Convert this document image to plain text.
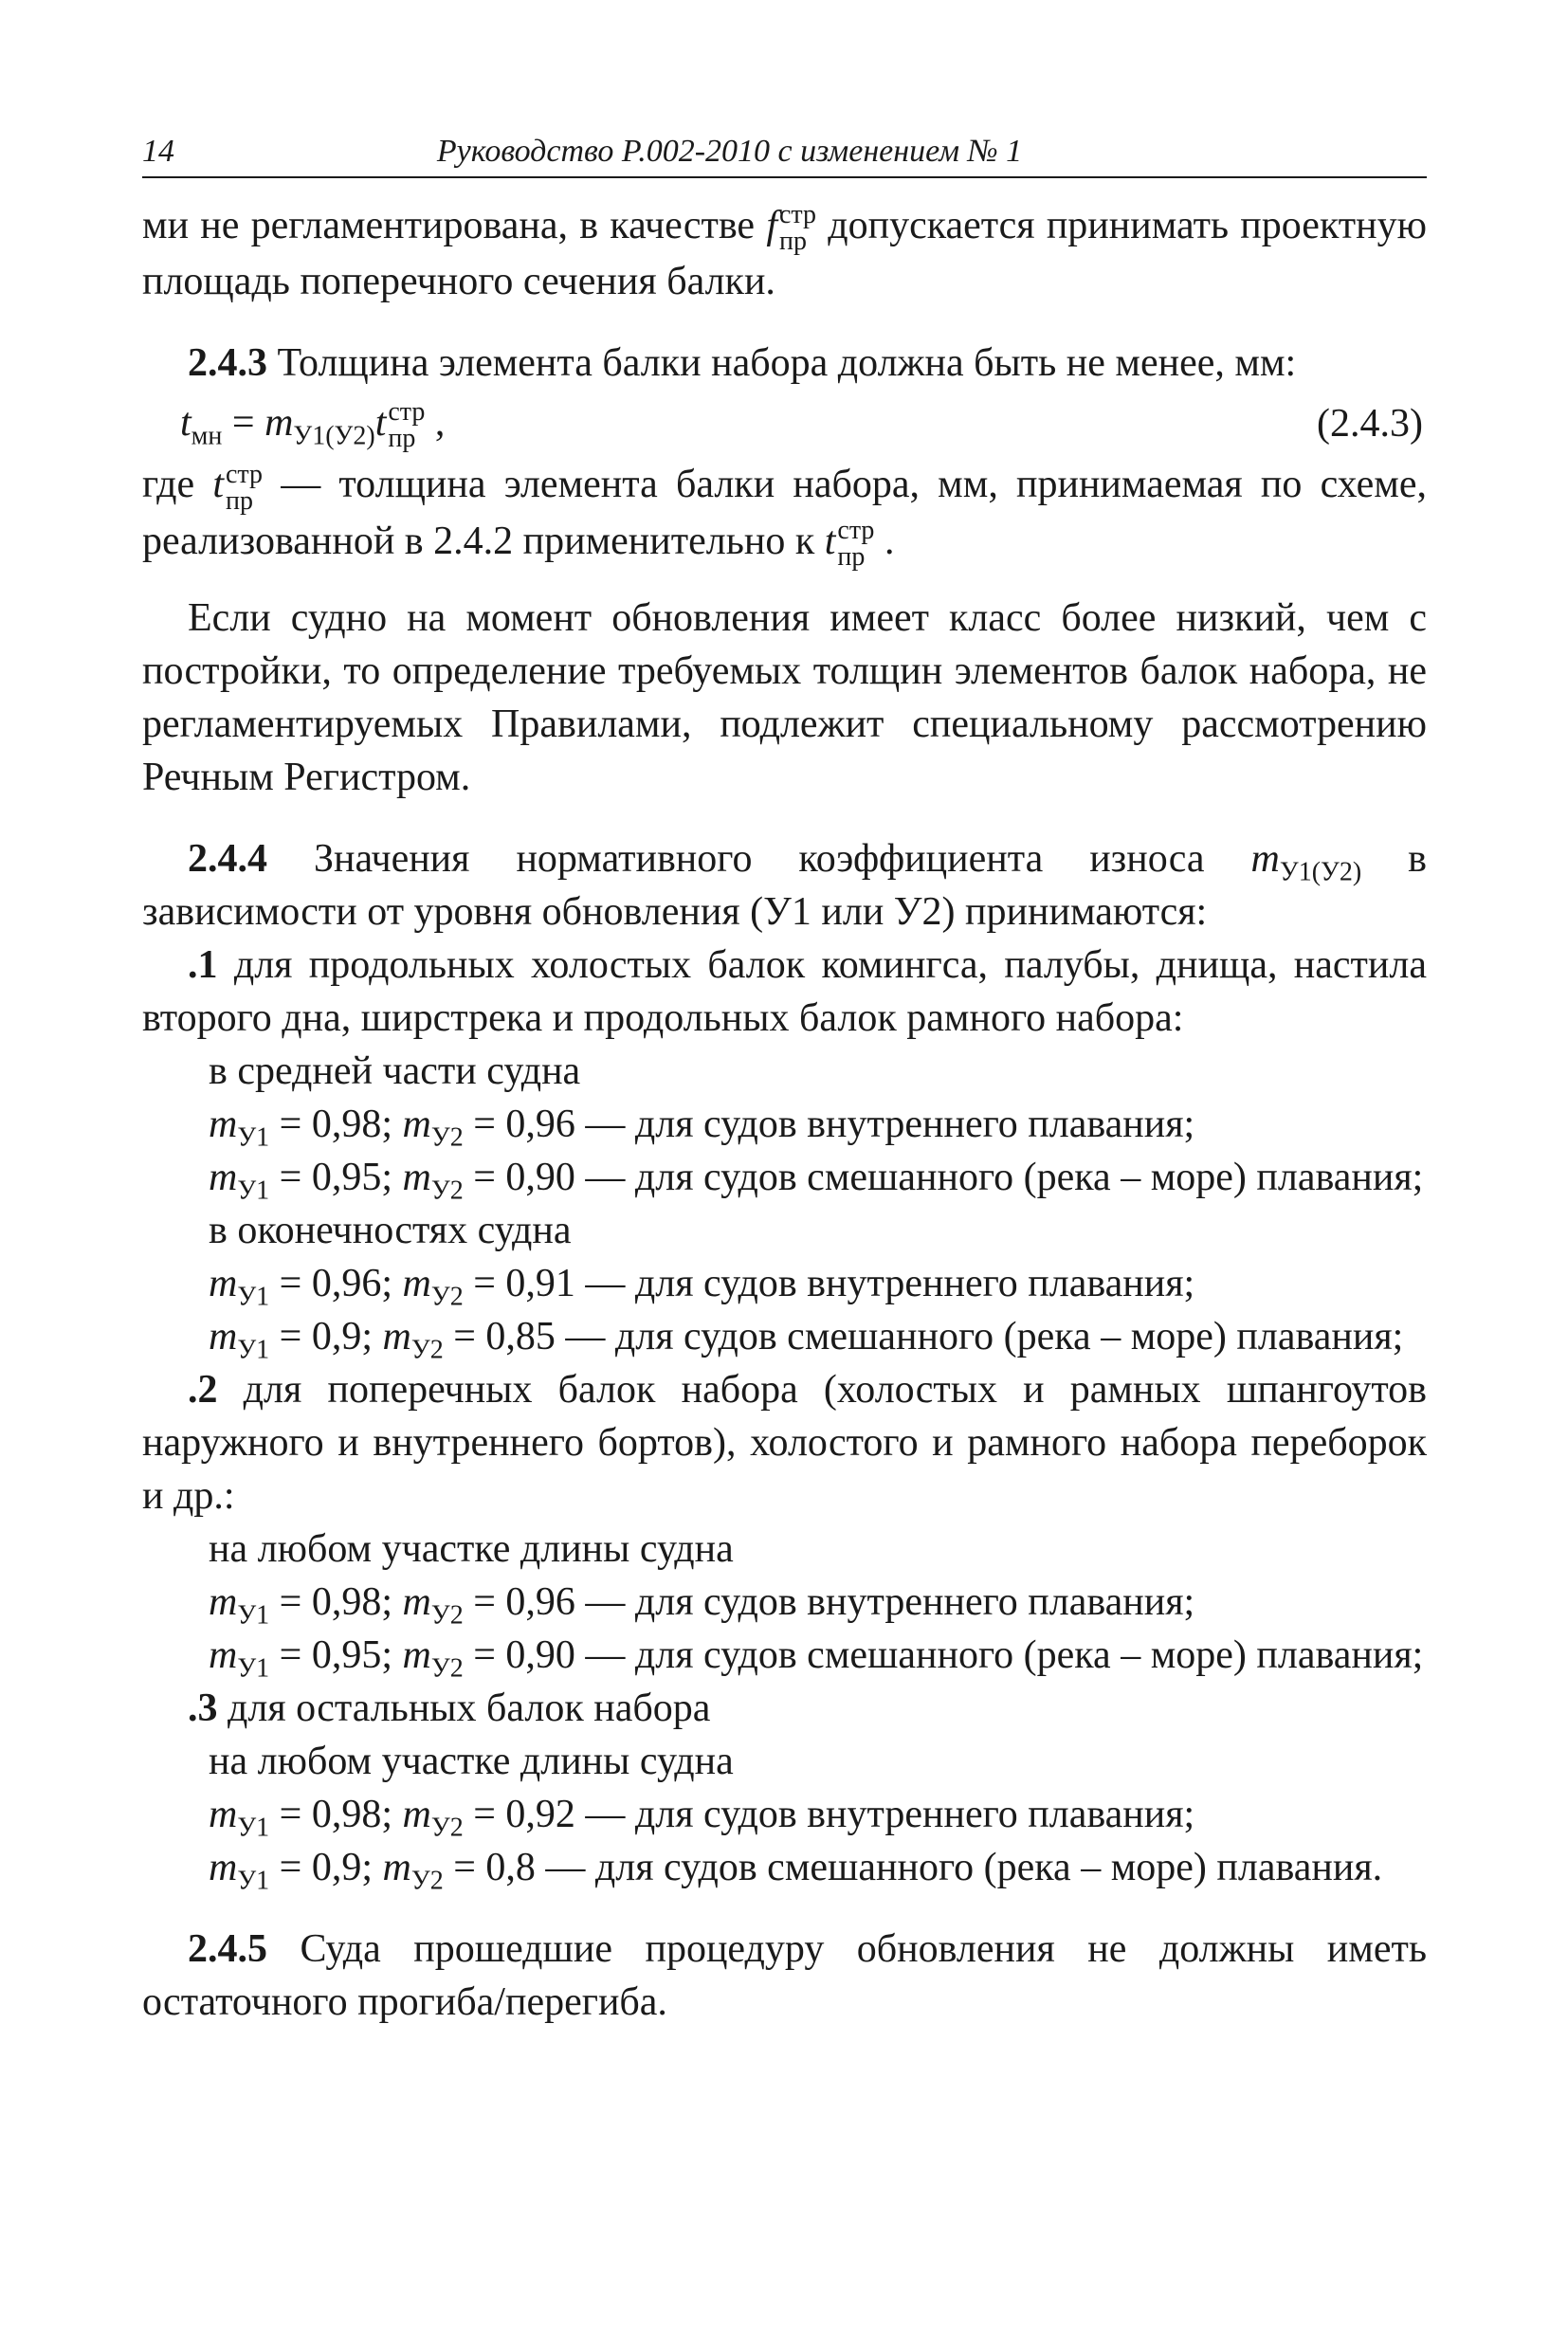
14	Руководство Р.002-2010 с изменением № 1

ми не регламентирована, в качестве f стр
пр допускается принимать проектную площадь поперечного сечения балки.

2.4.3 Толщина элемента балки набора должна быть не менее, мм:

$t_{мн} = m_{У1(У2)}t$ стр
пр ,	(2.4.3)

где t стр
пр — толщина элемента балки набора, мм, принимаемая по схеме, реализованной в 2.4.2 применительно к t стр
пр .

Если судно на момент обновления имеет класс более низкий, чем с постройки, то определение требуемых толщин элементов балок набора, не регламентируемых Правилами, подлежит специальному рассмотрению Речным Регистром.

2.4.4 Значения нормативного коэффициента износа $m_{У1(У2)}$ в зависимости от уровня обновления (У1 или У2) принимаются:

.1 для продольных холостых балок комингса, палубы, днища, настила второго дна, ширстрека и продольных балок рамного набора:

в средней части судна

$m_{У1} = 0,98$; $m_{У2} = 0,96$ — для судов внутреннего плавания;

$m_{У1} = 0,95$; $m_{У2} = 0,90$ — для судов смешанного (река – море) плавания;

в оконечностях судна

$m_{У1} = 0,96$; $m_{У2} = 0,91$ — для судов внутреннего плавания;

$m_{У1} = 0,9$; $m_{У2} = 0,85$ — для судов смешанного (река – море) плавания;

.2 для поперечных балок набора (холостых и рамных шпангоутов наружного и внутреннего бортов), холостого и рамного набора переборок и др.:

на любом участке длины судна

$m_{У1} = 0,98$; $m_{У2} = 0,96$ — для судов внутреннего плавания;

$m_{У1} = 0,95$; $m_{У2} = 0,90$ — для судов смешанного (река – море) плавания;

.3 для остальных балок набора

на любом участке длины судна

$m_{У1} = 0,98$; $m_{У2} = 0,92$ — для судов внутреннего плавания;

$m_{У1} = 0,9$; $m_{У2} = 0,8$ — для судов смешанного (река – море) плавания.

2.4.5 Суда прошедшие процедуру обновления не должны иметь остаточного прогиба/перегиба.
